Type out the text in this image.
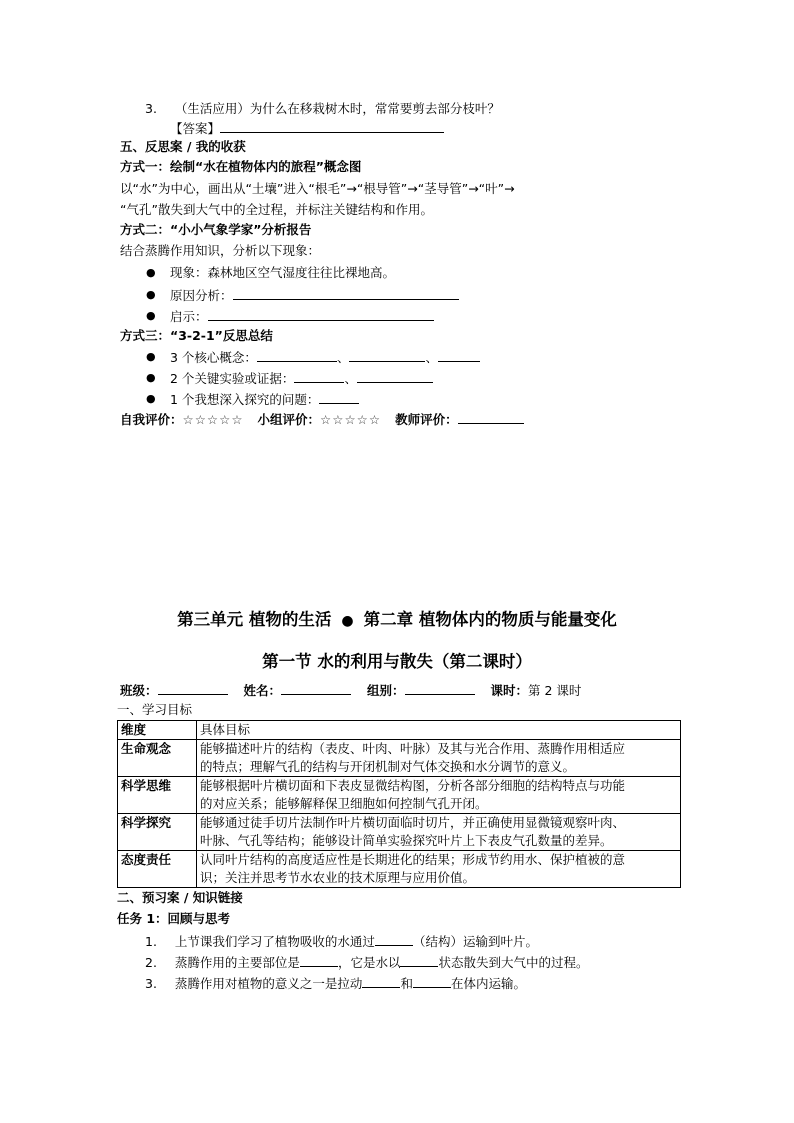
3. （生活应用）为什么在移栽树木时，常常要剪去部分枝叶？
【答案】
五、反思案 / 我的收获
方式一：绘制“水在植物体内的旅程”概念图
以“水”为中心，画出从“土壤”进入“根毛”→“根导管”→“茎导管”→“叶”→
“气孔”散失到大气中的全过程，并标注关键结构和作用。
方式二：“小小气象学家”分析报告
结合蒸腾作用知识，分析以下现象：
● 现象：森林地区空气湿度往往比裸地高。
● 原因分析：
● 启示：
方式三：“3-2-1”反思总结
● 3 个核心概念：	、	、
● 2 个关键实验或证据：	、
● 1 个我想深入探究的问题：
自我评价：☆☆☆☆☆ 小组评价：☆☆☆☆☆ 教师评价：
第三单元 植物的生活 ● 第二章 植物体内的物质与能量变化
第一节 水的利用与散失（第二课时）
班级：	姓名：	组别：	课时：第 2 课时
一、学习目标
维度	具体目标
生命观念	能够描述叶片的结构（表皮、叶肉、叶脉）及其与光合作用、蒸腾作用相适应
的特点；理解气孔的结构与开闭机制对气体交换和水分调节的意义。
科学思维	能够根据叶片横切面和下表皮显微结构图，分析各部分细胞的结构特点与功能
的对应关系；能够解释保卫细胞如何控制气孔开闭。
科学探究	能够通过徒手切片法制作叶片横切面临时切片，并正确使用显微镜观察叶肉、
叶脉、气孔等结构；能够设计简单实验探究叶片上下表皮气孔数量的差异。
态度责任	认同叶片结构的高度适应性是长期进化的结果；形成节约用水、保护植被的意
识；关注并思考节水农业的技术原理与应用价值。
二、预习案 / 知识链接
任务 1：回顾与思考
1. 上节课我们学习了植物吸收的水通过	（结构）运输到叶片。
2. 蒸腾作用的主要部位是	，它是水以	状态散失到大气中的过程。
3. 蒸腾作用对植物的意义之一是拉动	和	在体内运输。
